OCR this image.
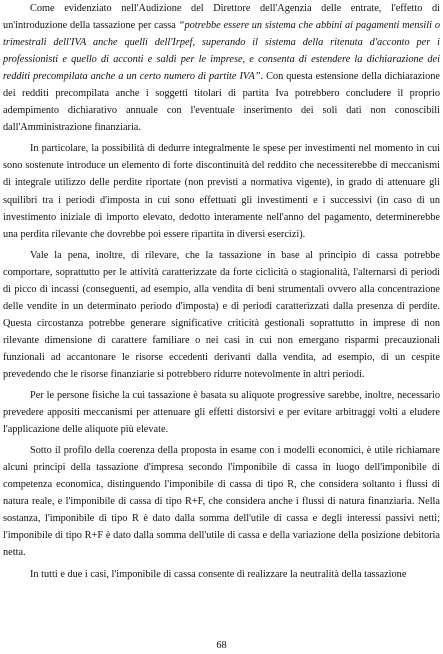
Come evidenziato nell'Audizione del Direttore dell'Agenzia delle entrate, l'effetto di un'introduzione della tassazione per cassa “potrebbe essere un sistema che abbini ai pagamenti mensili o trimestrali dell'IVA anche quelli dell'Irpef, superando il sistema della ritenuta d'acconto per i professionisti e quello di acconti e saldi per le imprese, e consenta di estendere la dichiarazione dei redditi precompilata anche a un certo numero di partite IVA”. Con questa estensione della dichiarazione dei redditi precompilata anche i soggetti titolari di partita Iva potrebbero concludere il proprio adempimento dichiarativo annuale con l'eventuale inserimento dei soli dati non conoscibili dall'Amministrazione finanziaria.

In particolare, la possibilità di dedurre integralmente le spese per investimenti nel momento in cui sono sostenute introduce un elemento di forte discontinuità del reddito che necessiterebbe di meccanismi di integrale utilizzo delle perdite riportate (non previsti a normativa vigente), in grado di attenuare gli squilibri tra i periodi d'imposta in cui sono effettuati gli investimenti e i successivi (in caso di un investimento iniziale di importo elevato, dedotto interamente nell'anno del pagamento, determinerebbe una perdita rilevante che dovrebbe poi essere ripartita in diversi esercizi).

Vale la pena, inoltre, di rilevare, che la tassazione in base al principio di cassa potrebbe comportare, soprattutto per le attività caratterizzate da forte ciclicità o stagionalità, l'alternarsi di periodi di picco di incassi (conseguenti, ad esempio, alla vendita di beni strumentali ovvero alla concentrazione delle vendite in un determinato periodo d'imposta) e di periodi caratterizzati dalla presenza di perdite. Questa circostanza potrebbe generare significative criticità gestionali soprattutto in imprese di non rilevante dimensione di carattere familiare o nei casi in cui non emergano risparmi precauzionali funzionali ad accantonare le risorse eccedenti derivanti dalla vendita, ad esempio, di un cespite prevedendo che le risorse finanziarie si potrebbero ridurre notevolmente in altri periodi.

Per le persone fisiche la cui tassazione è basata su aliquote progressive sarebbe, inoltre, necessario prevedere appositi meccanismi per attenuare gli effetti distorsivi e per evitare arbitraggi volti a eludere l'applicazione delle aliquote più elevate.

Sotto il profilo della coerenza della proposta in esame con i modelli economici, è utile richiamare alcuni principi della tassazione d'impresa secondo l'imponibile di cassa in luogo dell'imponibile di competenza economica, distinguendo l'imponibile di cassa di tipo R, che considera soltanto i flussi di natura reale, e l'imponibile di cassa di tipo R+F, che considera anche i flussi di natura finanziaria. Nella sostanza, l'imponibile di tipo R è dato dalla somma dell'utile di cassa e degli interessi passivi netti; l'imponibile di tipo R+F è dato dalla somma dell'utile di cassa e della variazione della posizione debitoria netta.

In tutti e due i casi, l'imponibile di cassa consente di realizzare la neutralità della tassazione

68
